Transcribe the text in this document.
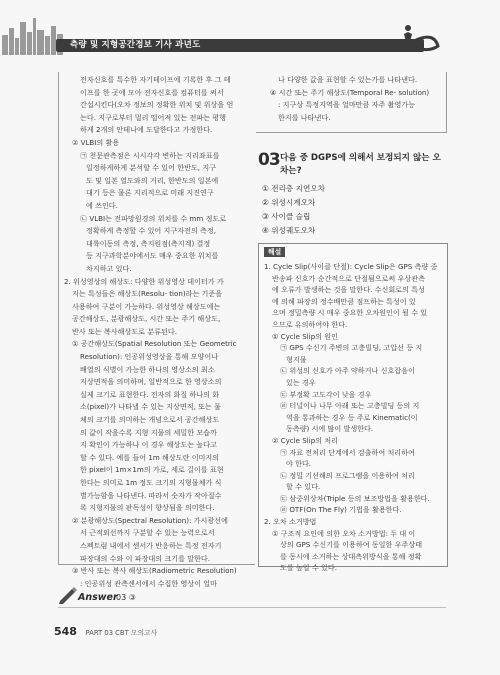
측량 및 지형공간정보 기사 과년도

전자신호를 특수한 자기테이프에 기록한 후 그 테

이프를 한 곳에 모아 전자신호를 컴퓨터를 써서

간섭시킨다(오차 정보의 정확한 위치 및 위상을 얻

는다. 지구로부터 멀리 떨어져 있는 전파는 평행

하게 2개의 안테나에 도달한다고 가정한다.

② VLBI의 활용

㉠ 천문관측점은 시시각각 변하는 지리좌표를

일정하게하게 분석할 수 있어 한반도, 지구

도 및 일본 열도와의 거리, 한반도의 일본에

대기 등은 물론 지리적으로 미래 지진연구

에 쓰인다.

㉡ VLBI는 전파망원경의 위치를 수 mm 정도로

정확하게 측정할 수 있어 지구자전의 측정,

대륙이동의 측정, 측지원점(측지계) 결정

등 지구과학분야에서도 매우 중요한 위치를

차지하고 있다.

2. 위성영상의 해상도: 다양한 위성영상 데이터가 가

지는 특성들은 해상도(Resolu- tion)라는 기준을

사용하여 구분이 가능하다. 위성영상 해상도에는

공간해상도, 분광해상도, 시간 또는 주기 해상도,

반사 또는 복사해상도로 분류된다.

① 공간해상도(Spatial Resolution 또는 Geometric

Resolution): 인공위성영상을 통해 모양이나

배열의 식별이 가능한 하나의 영상소의 최소

지상면적을 의미하며, 일반적으로 한 영상소의

실제 크기로 표현한다. 전자의 화질 하나의 화

소(pixel)가 나타낼 수 있는 지상면적, 또는 물

체의 크기를 의미하는 개념으로서 공간해상도

의 값이 작을수록 지형 지물의 세밀한 모습까

지 확인이 가능하나 이 경우 해상도는 높다고

할 수 있다. 예를 들어 1m 해상도란 이미지의

한 pixel이 1m×1m의 가로, 세로 길이를 표현

한다는 의미로 1m 정도 크기의 지형물체가 식

별가능함을 나타낸다. 따라서 숫자가 작아질수

록 지형지물의 판독성이 향상됨을 의미한다.

② 분광해상도(Spectral Resolution): 가시광선에

서 근적외선까지 구분할 수 있는 능력으로서

스펙트럼 내에서 센서가 반응하는 특정 전자기

파장대의 수와 이 파장대의 크기를 말한다.

③ 반사 또는 복사 해상도(Radiometric Resolution)

: 인공위성 관측센서에서 수집한 영상이 얼마

나 다양한 값을 표현할 수 있는가를 나타낸다.

④ 시간 또는 주기 해상도(Temporal Re- solution)

: 지구상 특정지역을 얼마만큼 자주 촬영가능

한지를 나타낸다.

03다음 중 DGPS에 의해서 보정되지 않는 오차는?
① 전리층 지연오차
② 위성시계오차
③ 사이클 슬립
④ 위성궤도오차
해설

1. Cycle Slip(사이클 단절): Cycle Slip은 GPS 측량 중

반송파 신호가 순간적으로 단절됨으로써 우상관측

에 오류가 발생하는 것을 말한다. 수신회로의 특성

에 의해 파장의 정수배만큼 점프하는 특성이 있

으며 정밀측량 시 매우 중요한 오차원인이 될 수 있

으므로 유의하여야 한다.

① Cycle Slip의 원인

㉠ GPS 수신기 주변의 고층빌딩, 고압선 등 지

형지물

㉡ 위성의 신호가 아주 약하거나 신호잡음이

있는 경우

㉢ 부정확 고도각이 낮을 경우

㉣ 터널이나 나무 아래 또는 고층빌딩 등의 지

역을 통과하는 경우 등 주로 Kinematic(이

동측량) 시에 많이 발생한다.

② Cycle Slip의 처리

㉠ 자료 전처리 단계에서 검출하여 처리하여

야 한다.

㉡ 정밀 기선해의 프로그램을 이용하여 처리

할 수 있다.

㉢ 삼중위상차(Triple 등의 보조방법을 활용한다.

㉣ OTF(On The Fly) 기법을 활용한다.

2. 오차 소거방법

① 구조적 요인에 의한 오차 소거방법: 두 대 이

상의 GPS 수신기를 이용하여 동일한 우주상태

를 동시에 소거하는 상대측위방식을 통해 정확

도를 높일 수 있다.

Answer
03 ③
548 PART 03 CBT 모의고사
